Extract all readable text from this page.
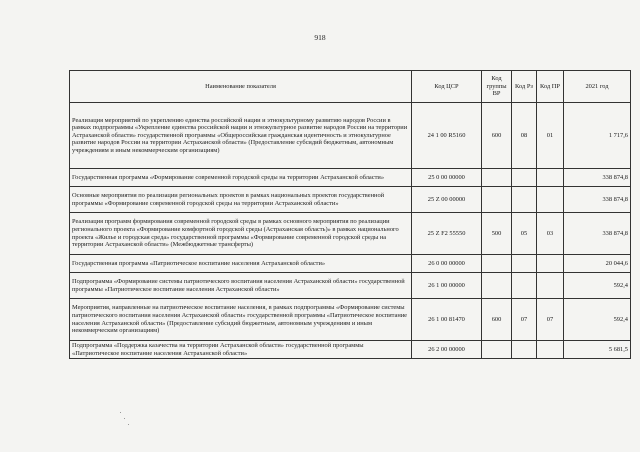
918
Наименование показателя	Код ЦСР	Код группы ВР	Код Рз	Код ПР	2021 год
Реализация мероприятий по укреплению единства российской нации и этнокультурному развитию народов России в рамках подпрограммы «Укрепление единства российской нации и этнокультурное развитие народов России на территории Астраханской области» государственной программы «Общероссийская гражданская идентичность и этнокультурное развитие народов России на территории Астраханской области» (Предоставление субсидий бюджетным, автономным учреждениям и иным некоммерческим организациям)	24 1 00 R5160	600	08	01	1 717,6
Государственная программа «Формирование современной городской среды на территории Астраханской области»	25 0 00 00000				338 874,8
Основные мероприятия по реализации региональных проектов в рамках национальных проектов государственной программы «Формирование современной городской среды на территории Астраханской области»	25 Z 00 00000				338 874,8
Реализация программ формирования современной городской среды в рамках основного мероприятия по реализации регионального проекта «Формирование комфортной городской среды (Астраханская область)» в рамках национального проекта «Жилье и городская среда» государственной программы «Формирование современной городской среды на территории Астраханской области» (Межбюджетные трансферты)	25 Z F2 55550	500	05	03	338 874,8
Государственная программа «Патриотическое воспитание населения Астраханской области»	26 0 00 00000				20 044,6
Подпрограмма «Формирование системы патриотического воспитания населения Астраханской области» государственной программы «Патриотическое воспитание населения Астраханской области»	26 1 00 00000				592,4
Мероприятия, направленные на патриотическое воспитание населения, в рамках подпрограммы «Формирование системы патриотического воспитания населения Астраханской области» государственной программы «Патриотическое воспитание населения Астраханской области» (Предоставление субсидий бюджетным, автономным учреждениям и иным некоммерческим организациям)	26 1 00 81470	600	07	07	592,4
Подпрограмма «Поддержка казачества на территории Астраханской области» государственной программы «Патриотическое воспитание населения Астраханской области»	26 2 00 00000				5 681,5
